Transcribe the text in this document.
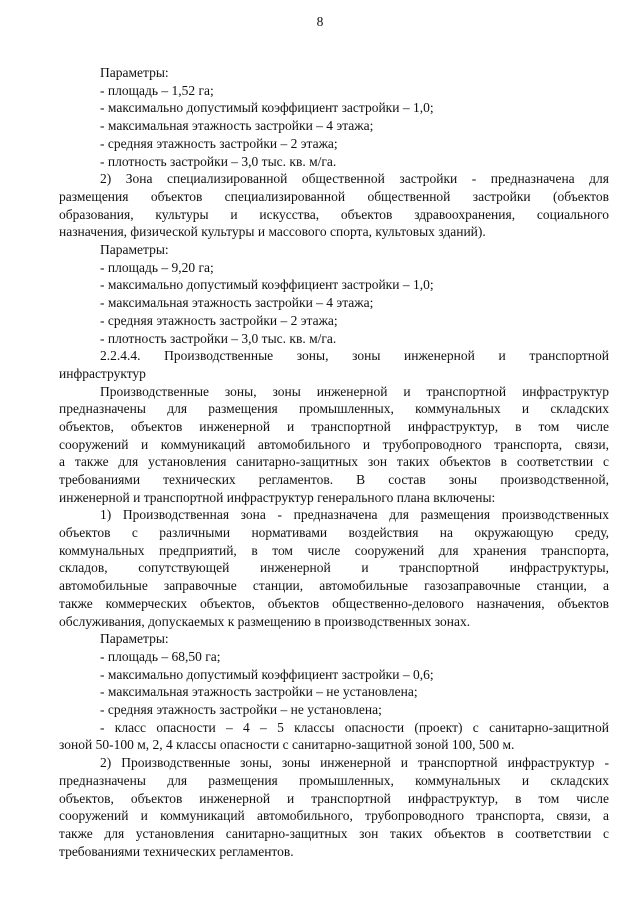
8
Параметры:
- площадь – 1,52 га;
- максимально допустимый коэффициент застройки – 1,0;
- максимальная этажность застройки – 4 этажа;
- средняя этажность застройки – 2 этажа;
- плотность застройки – 3,0 тыс. кв. м/га.
2) Зона специализированной общественной застройки - предназначена для
размещения объектов специализированной общественной застройки (объектов
образования, культуры и искусства, объектов здравоохранения, социального
назначения, физической культуры и массового спорта, культовых зданий).
Параметры:
- площадь – 9,20 га;
- максимально допустимый коэффициент застройки – 1,0;
- максимальная этажность застройки – 4 этажа;
- средняя этажность застройки – 2 этажа;
- плотность застройки – 3,0 тыс. кв. м/га.
2.2.4.4. Производственные зоны, зоны инженерной и транспортной
инфраструктур
Производственные зоны, зоны инженерной и транспортной инфраструктур
предназначены для размещения промышленных, коммунальных и складских
объектов, объектов инженерной и транспортной инфраструктур, в том числе
сооружений и коммуникаций автомобильного и трубопроводного транспорта, связи,
а также для установления санитарно-защитных зон таких объектов в соответствии с
требованиями технических регламентов. В состав зоны производственной,
инженерной и транспортной инфраструктур генерального плана включены:
1) Производственная зона - предназначена для размещения производственных
объектов с различными нормативами воздействия на окружающую среду,
коммунальных предприятий, в том числе сооружений для хранения транспорта,
складов, сопутствующей инженерной и транспортной инфраструктуры,
автомобильные заправочные станции, автомобильные газозаправочные станции, а
также коммерческих объектов, объектов общественно-делового назначения, объектов
обслуживания, допускаемых к размещению в производственных зонах.
Параметры:
- площадь – 68,50 га;
- максимально допустимый коэффициент застройки – 0,6;
- максимальная этажность застройки – не установлена;
- средняя этажность застройки – не установлена;
- класс опасности – 4 – 5 классы опасности (проект) с санитарно-защитной
зоной 50-100 м, 2, 4 классы опасности с санитарно-защитной зоной 100, 500 м.
2) Производственные зоны, зоны инженерной и транспортной инфраструктур -
предназначены для размещения промышленных, коммунальных и складских
объектов, объектов инженерной и транспортной инфраструктур, в том числе
сооружений и коммуникаций автомобильного, трубопроводного транспорта, связи, а
также для установления санитарно-защитных зон таких объектов в соответствии с
требованиями технических регламентов.
